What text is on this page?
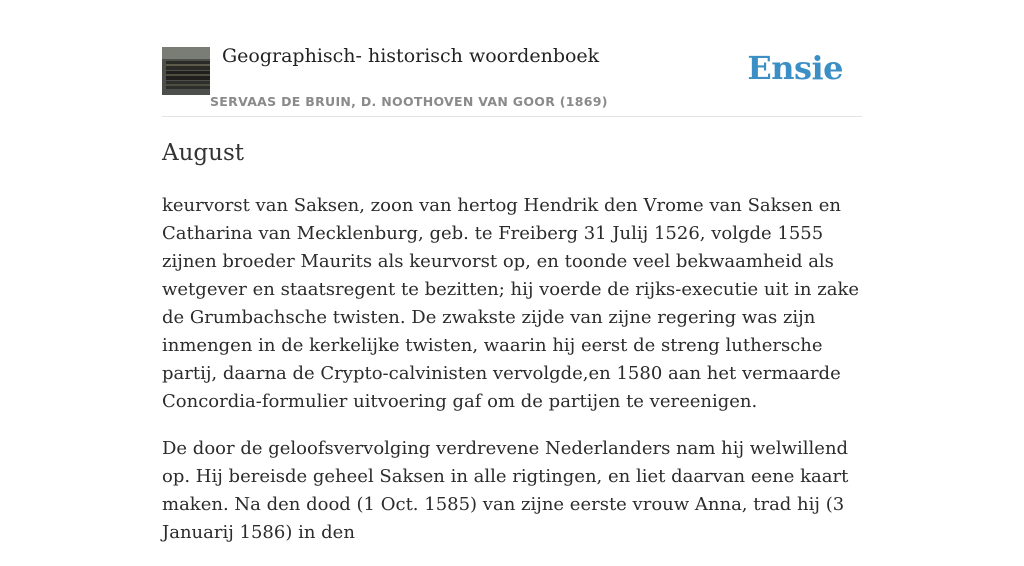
Geographisch- historisch woordenboek
SERVAAS DE BRUIN, D. NOOTHOVEN VAN GOOR (1869)
Ensie
August

keurvorst van Saksen, zoon van hertog Hendrik den Vrome van Saksen en Catharina van Mecklenburg, geb. te Freiberg 31 Julij 1526, volgde 1555 zijnen broeder Maurits als keurvorst op, en toonde veel bekwaamheid als wetgever en staatsregent te bezitten; hij voerde de rijks-executie uit in zake de Grumbachsche twisten. De zwakste zijde van zijne regering was zijn inmengen in de kerkelijke twisten, waarin hij eerst de streng luthersche partij, daarna de Crypto-calvinisten vervolgde,en 1580 aan het vermaarde Concordia-formulier uitvoering gaf om de partijen te vereenigen.

De door de geloofsvervolging verdrevene Nederlanders nam hij welwillend op. Hij bereisde geheel Saksen in alle rigtingen, en liet daarvan eene kaart maken. Na den dood (1 Oct. 1585) van zijne eerste vrouw Anna, trad hij (3 Januarij 1586) in den
